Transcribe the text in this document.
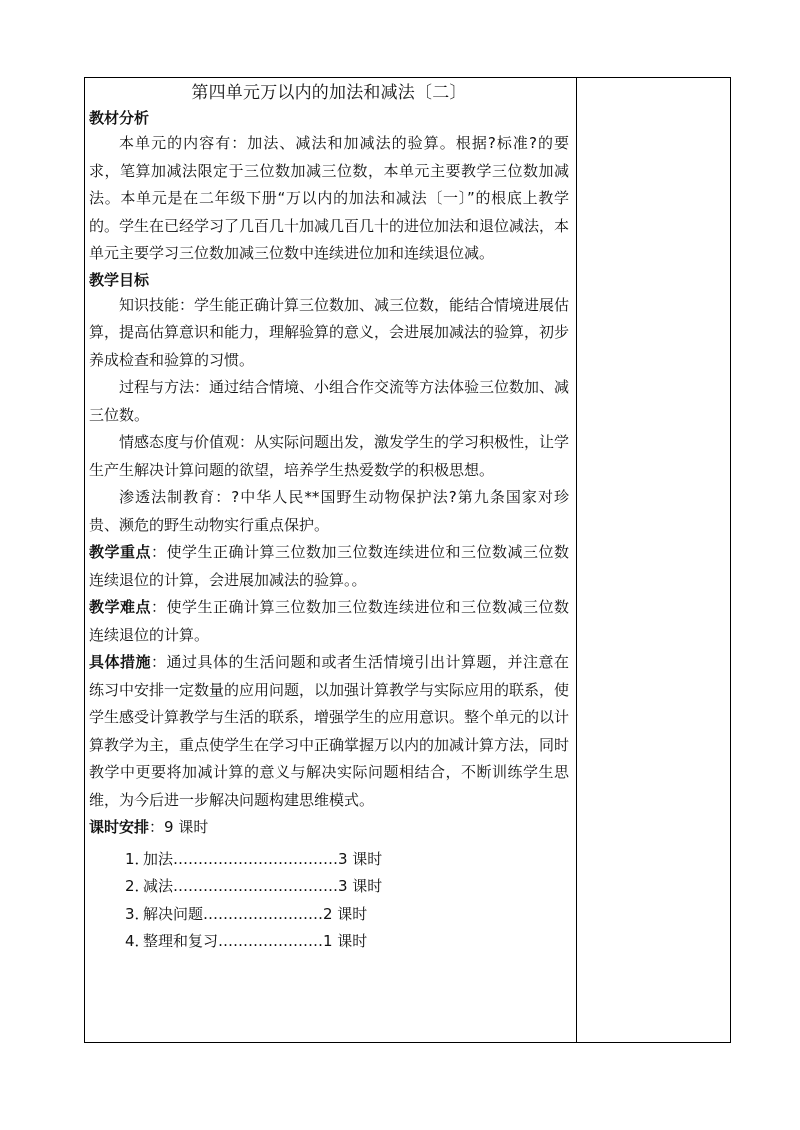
第四单元万以内的加法和减法〔二〕

教材分析

本单元的内容有：加法、减法和加减法的验算。根据?标准?的要求，笔算加减法限定于三位数加减三位数，本单元主要教学三位数加减法。本单元是在二年级下册“万以内的加法和减法〔一〕”的根底上教学的。学生在已经学习了几百几十加减几百几十的进位加法和退位减法，本单元主要学习三位数加减三位数中连续进位加和连续退位减。

教学目标

知识技能：学生能正确计算三位数加、减三位数，能结合情境进展估算，提高估算意识和能力，理解验算的意义，会进展加减法的验算，初步养成检查和验算的习惯。

过程与方法：通过结合情境、小组合作交流等方法体验三位数加、减三位数。

情感态度与价值观：从实际问题出发，激发学生的学习积极性，让学生产生解决计算问题的欲望，培养学生热爱数学的积极思想。

渗透法制教育：?中华人民**国野生动物保护法?第九条国家对珍贵、濒危的野生动物实行重点保护。

教学重点：使学生正确计算三位数加三位数连续进位和三位数减三位数连续退位的计算，会进展加减法的验算。。

教学难点：使学生正确计算三位数加三位数连续进位和三位数减三位数连续退位的计算。

具体措施：通过具体的生活问题和或者生活情境引出计算题，并注意在练习中安排一定数量的应用问题，以加强计算教学与实际应用的联系，使学生感受计算教学与生活的联系，增强学生的应用意识。整个单元的以计算教学为主，重点使学生在学习中正确掌握万以内的加减计算方法，同时教学中更要将加减计算的意义与解决实际问题相结合，不断训练学生思维，为今后进一步解决问题构建思维模式。

课时安排：9 课时

1．加法……………………………3 课时
2．减法……………………………3 课时
3．解决问题……………………2 课时
4．整理和复习…………………1 课时
